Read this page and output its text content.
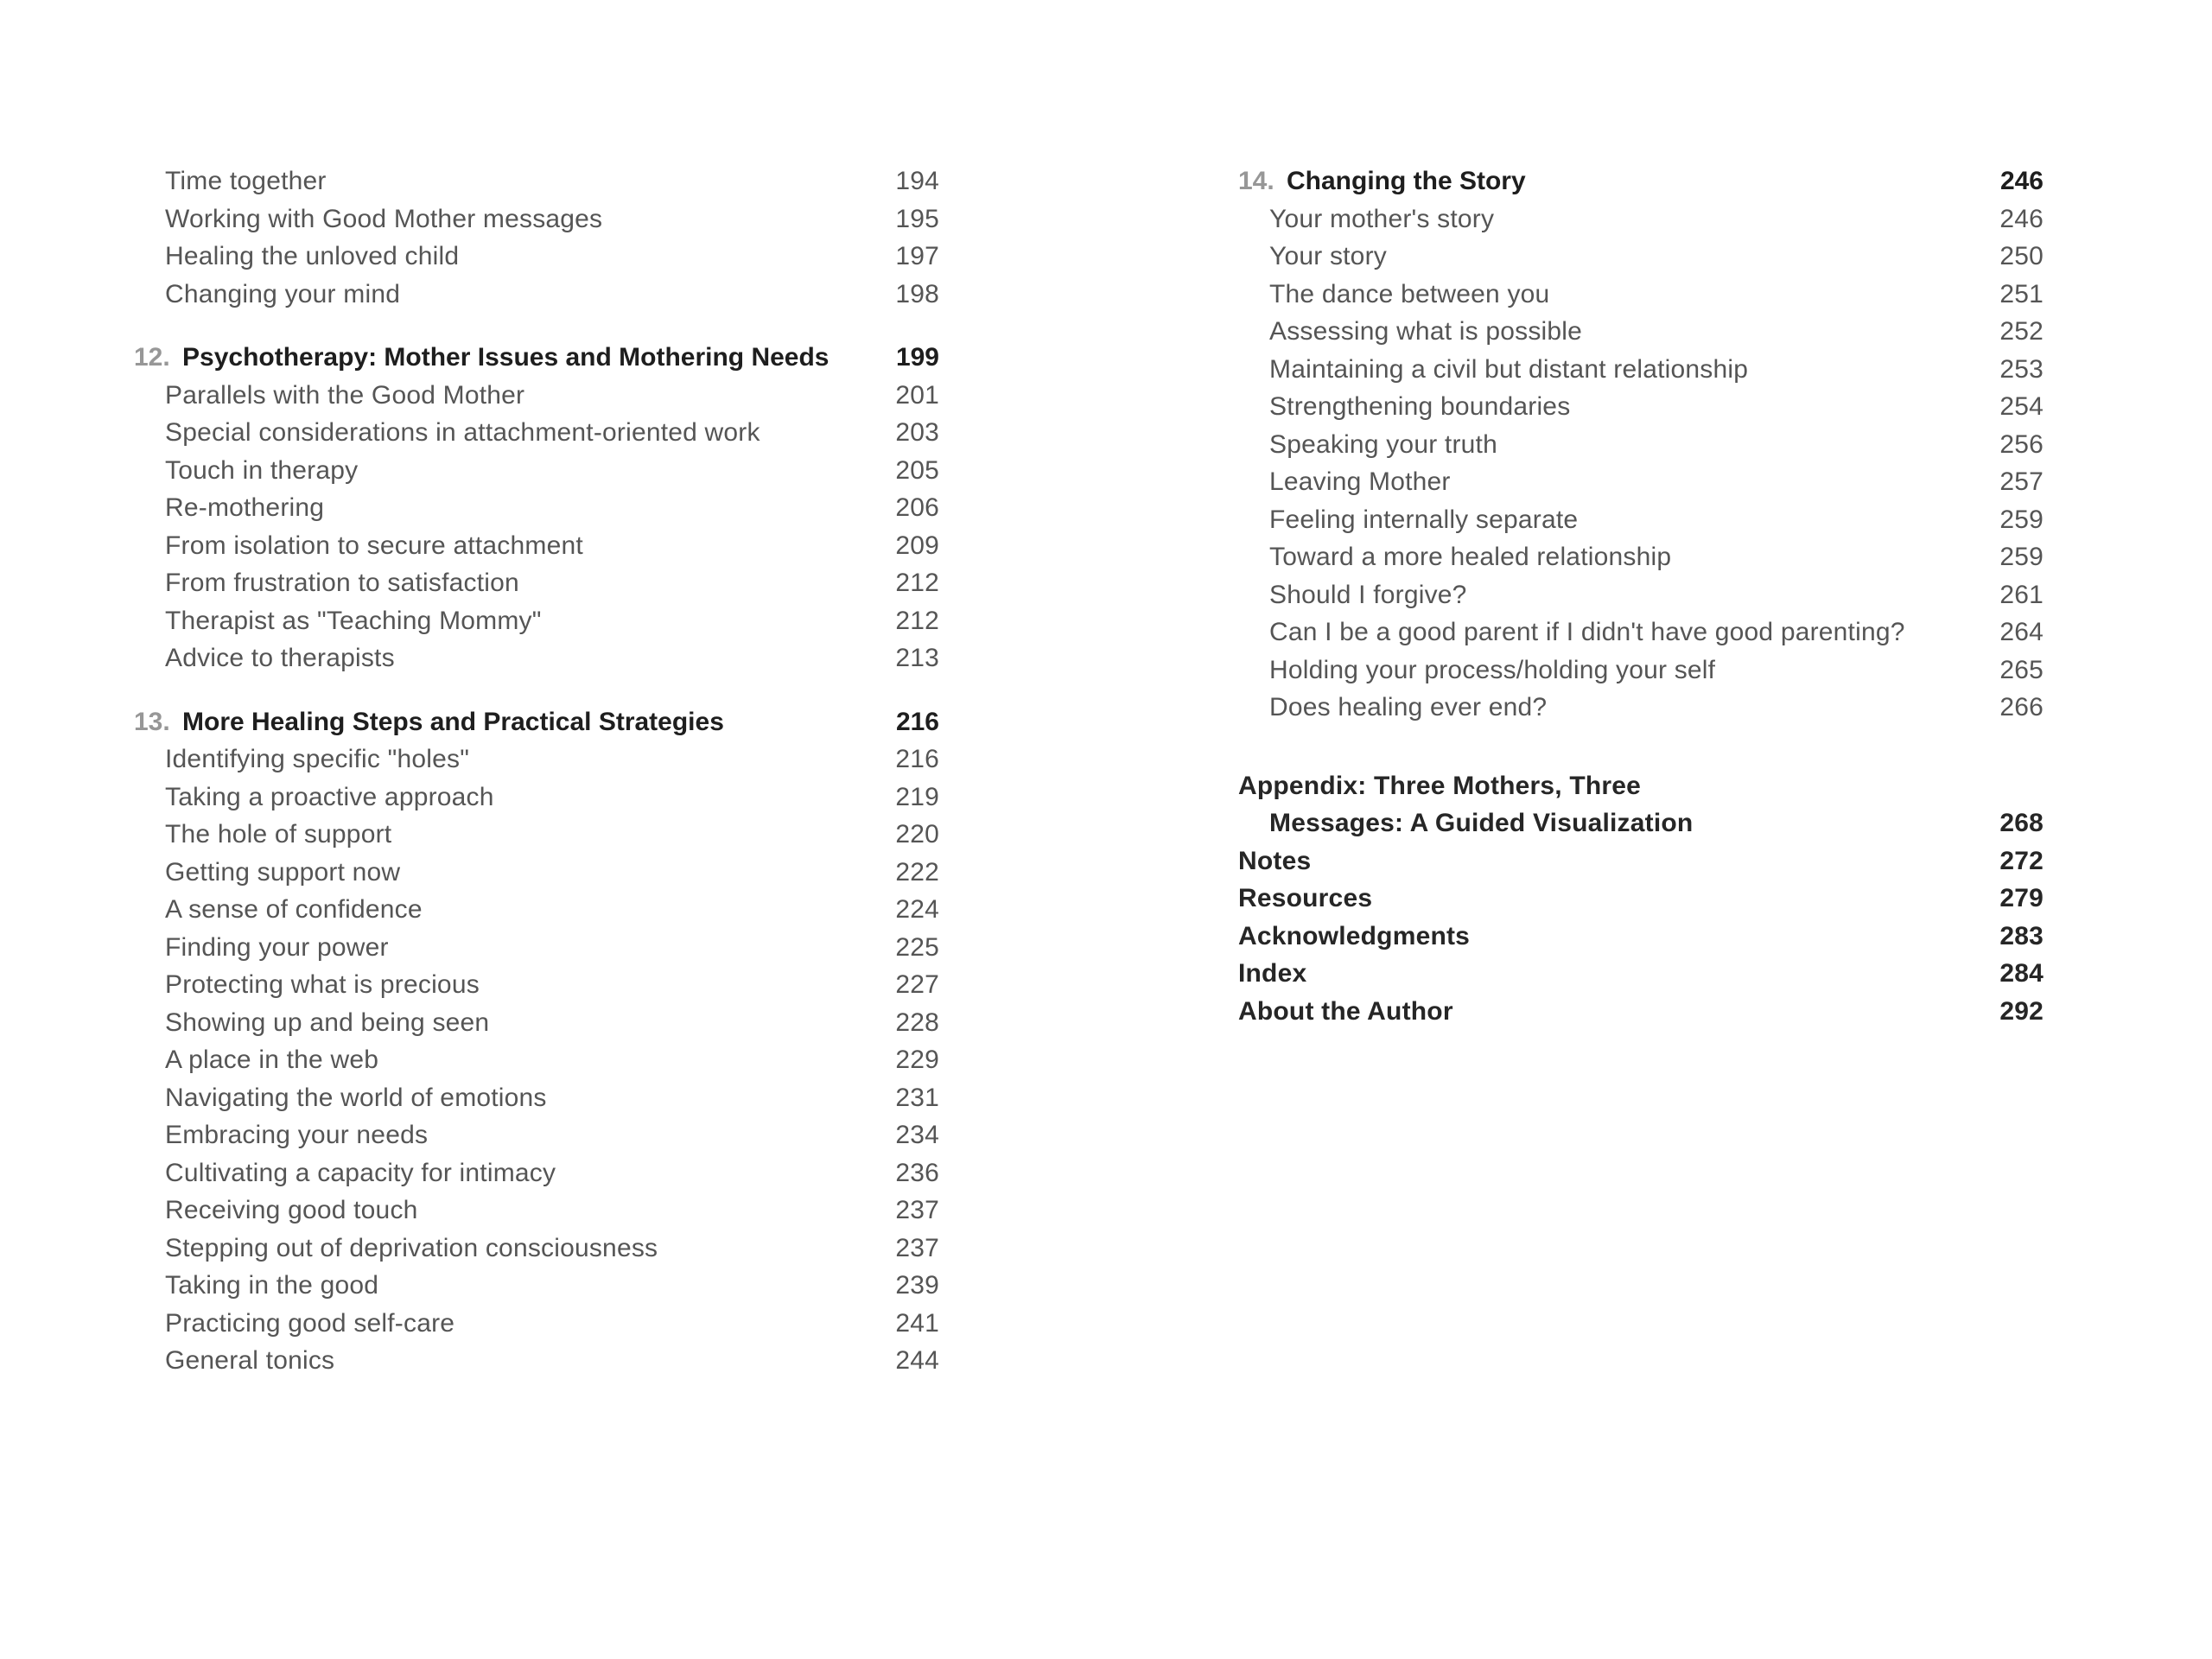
Time together	194
Working with Good Mother messages	195
Healing the unloved child	197
Changing your mind	198
12. Psychotherapy: Mother Issues and Mothering Needs	199
Parallels with the Good Mother	201
Special considerations in attachment-oriented work	203
Touch in therapy	205
Re-mothering	206
From isolation to secure attachment	209
From frustration to satisfaction	212
Therapist as "Teaching Mommy"	212
Advice to therapists	213
13. More Healing Steps and Practical Strategies	216
Identifying specific "holes"	216
Taking a proactive approach	219
The hole of support	220
Getting support now	222
A sense of confidence	224
Finding your power	225
Protecting what is precious	227
Showing up and being seen	228
A place in the web	229
Navigating the world of emotions	231
Embracing your needs	234
Cultivating a capacity for intimacy	236
Receiving good touch	237
Stepping out of deprivation consciousness	237
Taking in the good	239
Practicing good self-care	241
General tonics	244
14. Changing the Story	246
Your mother's story	246
Your story	250
The dance between you	251
Assessing what is possible	252
Maintaining a civil but distant relationship	253
Strengthening boundaries	254
Speaking your truth	256
Leaving Mother	257
Feeling internally separate	259
Toward a more healed relationship	259
Should I forgive?	261
Can I be a good parent if I didn't have good parenting?	264
Holding your process/holding your self	265
Does healing ever end?	266
Appendix: Three Mothers, Three
Messages: A Guided Visualization	268
Notes	272
Resources	279
Acknowledgments	283
Index	284
About the Author	292
